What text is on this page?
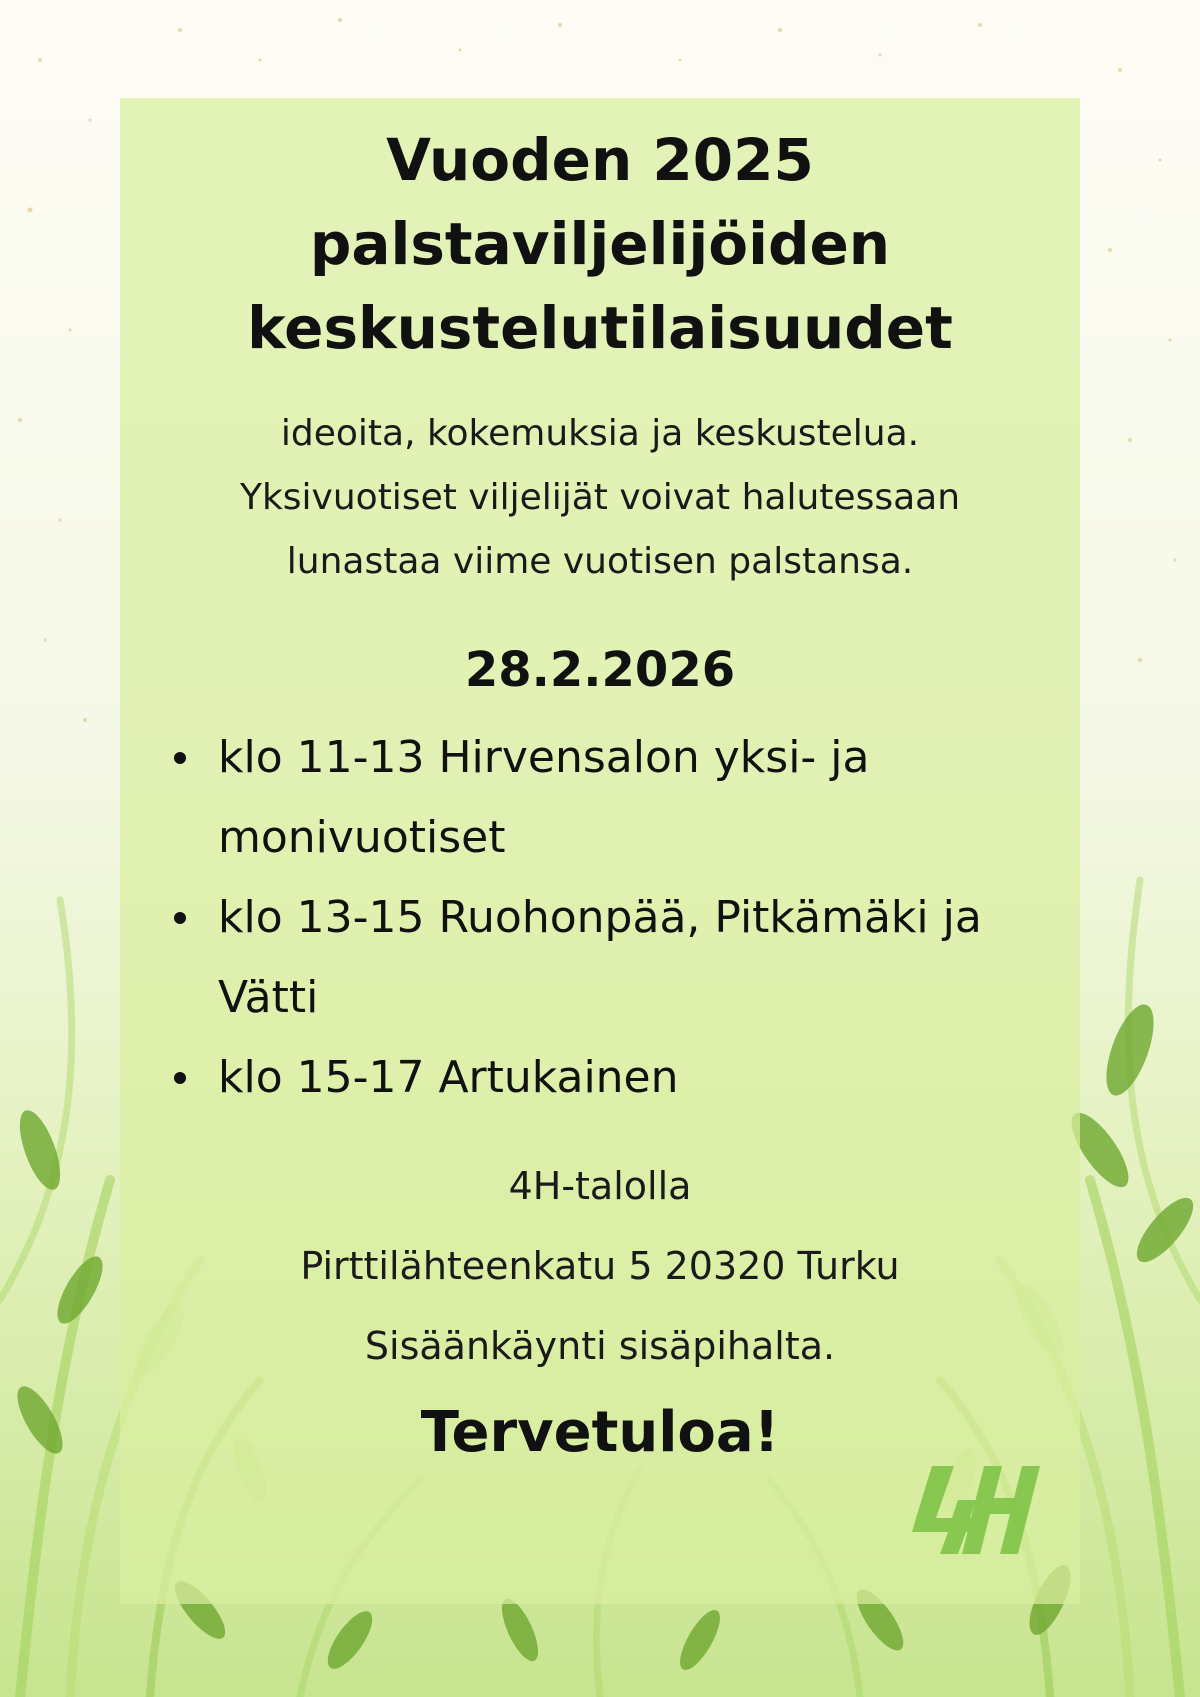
Vuoden 2025
palstaviljelijöiden
keskustelutilaisuudet
ideoita, kokemuksia ja keskustelua.
Yksivuotiset viljelijät voivat halutessaan
lunastaa viime vuotisen palstansa.
28.2.2026
klo 11-13 Hirvensalon yksi- ja
monivuotiset
klo 13-15 Ruohonpää, Pitkämäki ja
Vätti
klo 15-17 Artukainen
4H-talolla
Pirttilähteenkatu 5 20320 Turku
Sisäänkäynti sisäpihalta.
Tervetuloa!
